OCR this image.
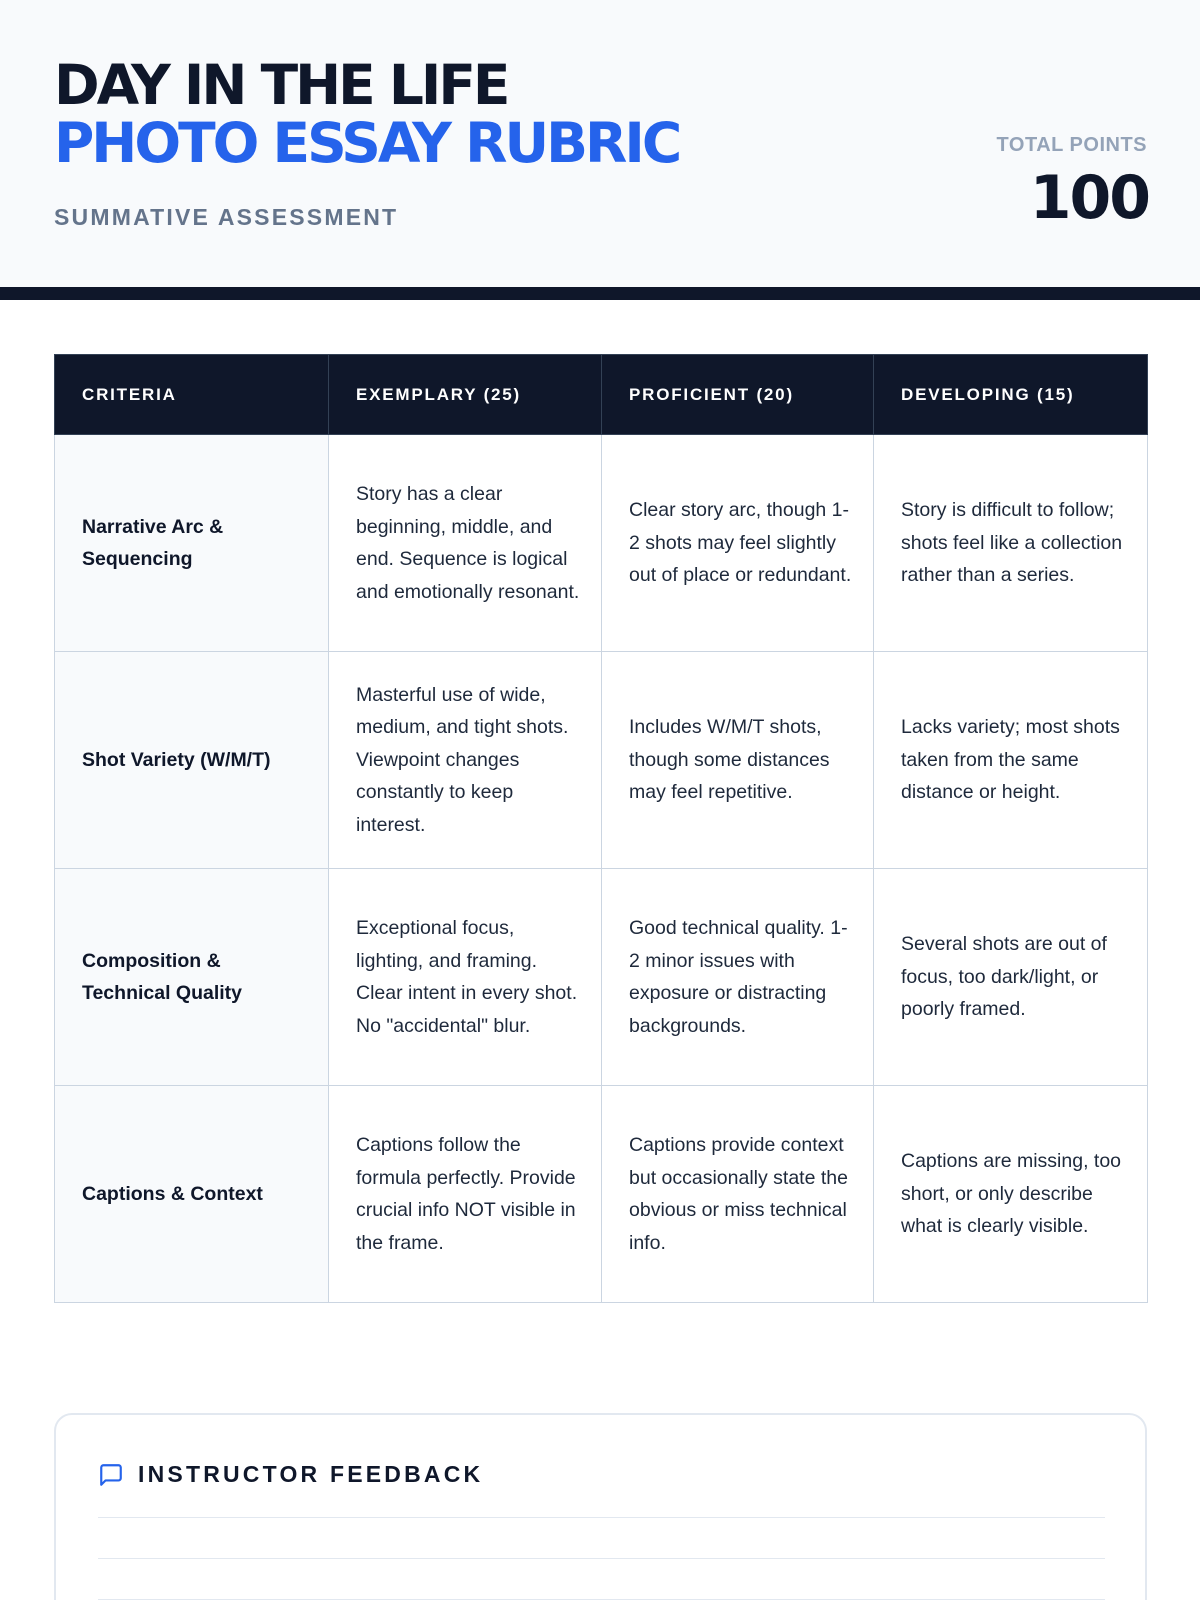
DAY IN THE LIFE
PHOTO ESSAY RUBRIC
SUMMATIVE ASSESSMENT
TOTAL POINTS
100
CRITERIA	EXEMPLARY (25)	PROFICIENT (20)	DEVELOPING (15)
Narrative Arc & Sequencing	Story has a clear beginning, middle, and end. Sequence is logical and emotionally resonant.	Clear story arc, though 1-2 shots may feel slightly out of place or redundant.	Story is difficult to follow; shots feel like a collection rather than a series.
Shot Variety (W/M/T)	Masterful use of wide, medium, and tight shots. Viewpoint changes constantly to keep interest.	Includes W/M/T shots, though some distances may feel repetitive.	Lacks variety; most shots taken from the same distance or height.
Composition & Technical Quality	Exceptional focus, lighting, and framing. Clear intent in every shot. No "accidental" blur.	Good technical quality. 1-2 minor issues with exposure or distracting backgrounds.	Several shots are out of focus, too dark/light, or poorly framed.
Captions & Context	Captions follow the formula perfectly. Provide crucial info NOT visible in the frame.	Captions provide context but occasionally state the obvious or miss technical info.	Captions are missing, too short, or only describe what is clearly visible.
INSTRUCTOR FEEDBACK
